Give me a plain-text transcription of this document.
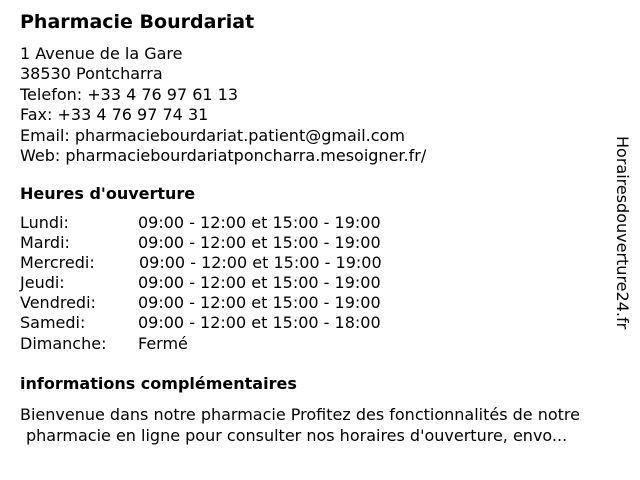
Pharmacie Bourdariat
1 Avenue de la Gare
38530 Pontcharra
Telefon: +33 4 76 97 61 13
Fax: +33 4 76 97 74 31
Email: pharmaciebourdariat.patient@gmail.com
Web: pharmaciebourdariatponcharra.mesoigner.fr/
Heures d'ouverture
Lundi:	09:00 - 12:00 et 15:00 - 19:00
Mardi:	09:00 - 12:00 et 15:00 - 19:00
Mercredi:	09:00 - 12:00 et 15:00 - 19:00
Jeudi:	09:00 - 12:00 et 15:00 - 19:00
Vendredi:	09:00 - 12:00 et 15:00 - 19:00
Samedi:	09:00 - 12:00 et 15:00 - 18:00
Dimanche:	Fermé
informations complémentaires
Bienvenue dans notre pharmacie Profitez des fonctionnalités de notre
pharmacie en ligne pour consulter nos horaires d'ouverture, envo...
Horairesdouverture24.fr
